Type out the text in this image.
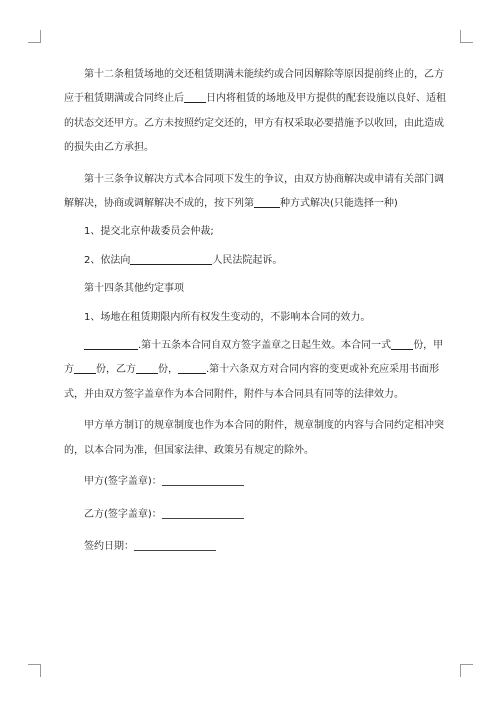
第十二条租赁场地的交还租赁期满未能续约或合同因解除等原因提前终止的，乙方应于租赁期满或合同终止后 日内将租赁的场地及甲方提供的配套设施以良好、适租的状态交还甲方。乙方未按照约定交还的，甲方有权采取必要措施予以收回，由此造成的损失由乙方承担。

第十三条争议解决方式本合同项下发生的争议，由双方协商解决或申请有关部门调解解决，协商或调解解决不成的，按下列第	种方式解决(只能选择一种)

1、提交北京仲裁委员会仲裁;

2、依法向	人民法院起诉。

第十四条其他约定事项

1、场地在租赁期限内所有权发生变动的，不影响本合同的效力。

.第十五条本合同自双方签字盖章之日起生效。本合同一式 份，甲方 份，乙方 份，	.第十六条双方对合同内容的变更或补充应采用书面形式，并由双方签字盖章作为本合同附件，附件与本合同具有同等的法律效力。

甲方单方制订的规章制度也作为本合同的附件，规章制度的内容与合同约定相冲突的，以本合同为准，但国家法律、政策另有规定的除外。

甲方(签字盖章)：

乙方(签字盖章)：

签约日期：
